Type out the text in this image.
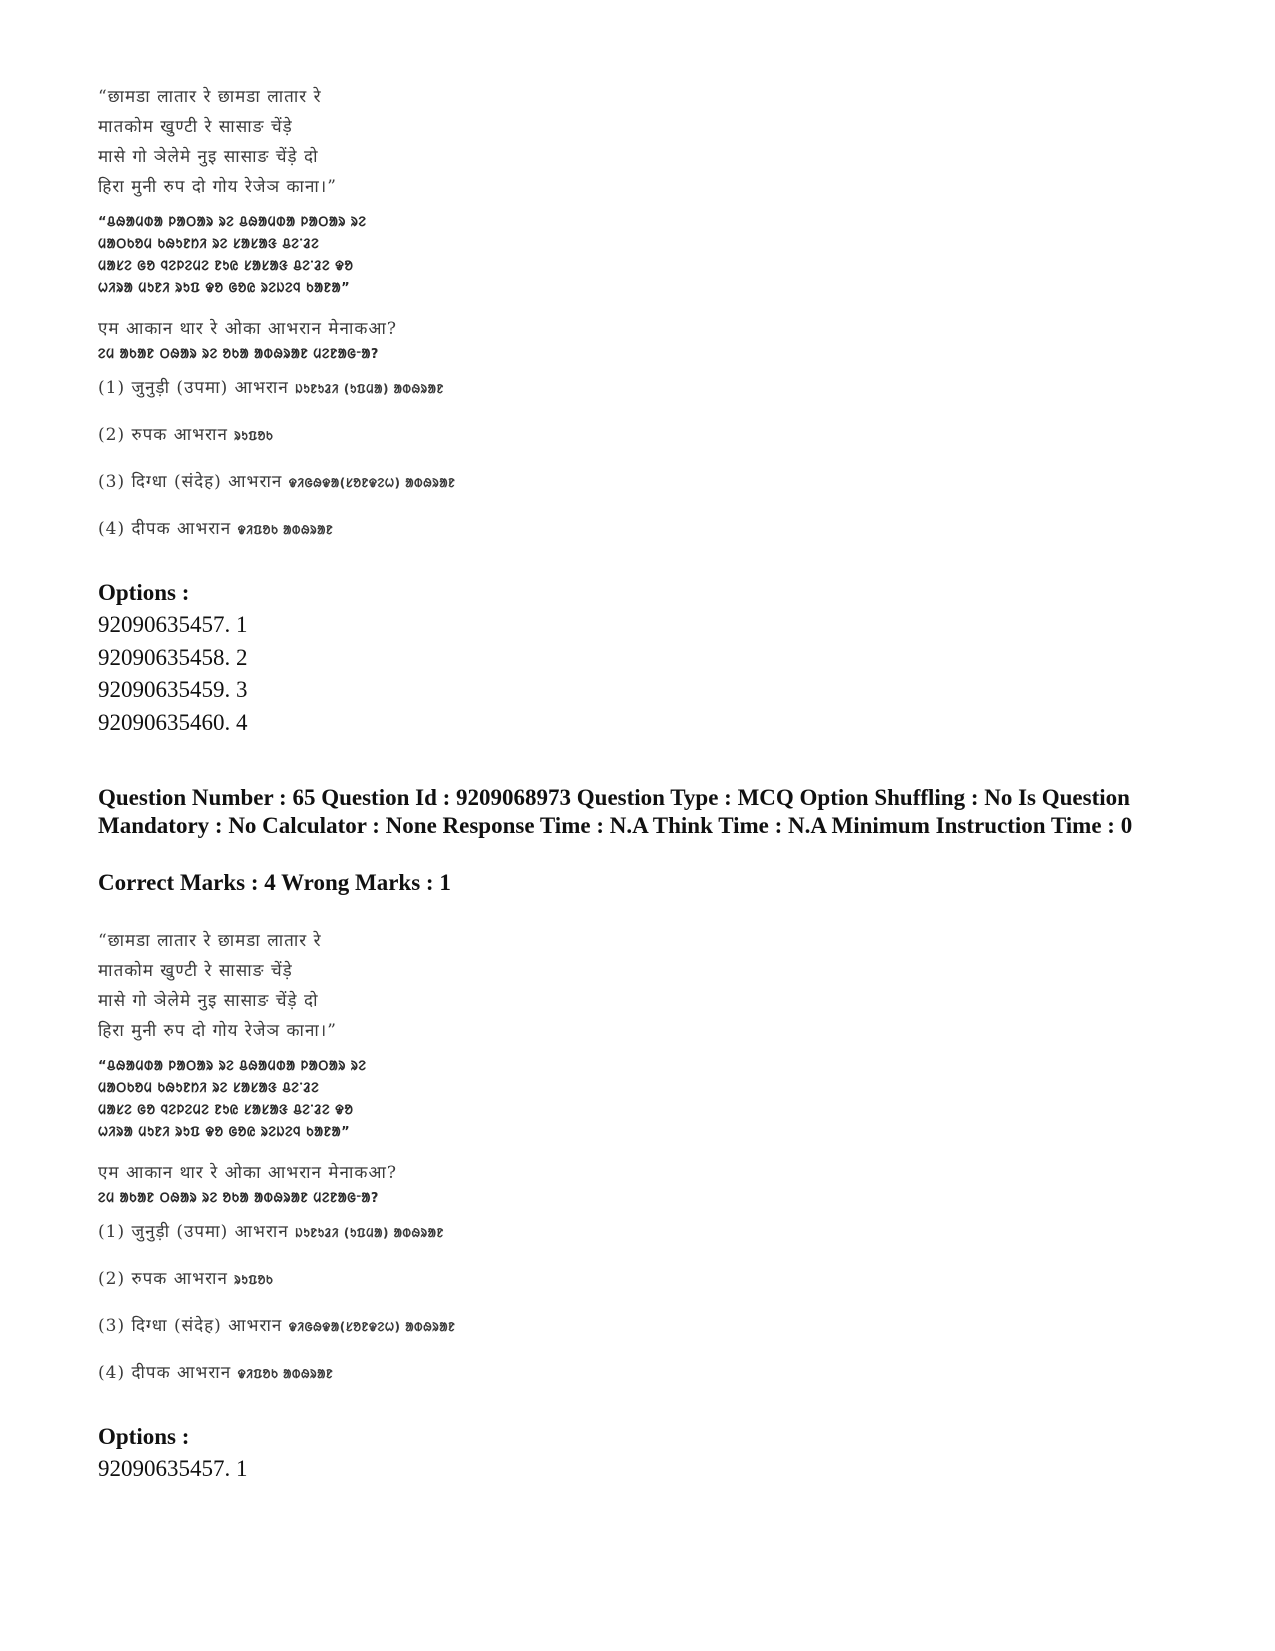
“छामडा लातार रे छामडा लातार रे
मातकोम खुण्टी रे सासाङ चेंड़े
मासे गो ञेलेमे नुइ सासाङ चेंड़े दो
हिरा मुनी रुप दो गोय रेजेञ काना।”
“ᱪᱷᱟᱢᱰᱟ ᱞᱟᱛᱟᱨ ᱨᱮ ᱪᱷᱟᱢᱰᱟ ᱞᱟᱛᱟᱨ ᱨᱮ
ᱢᱟᱛᱠᱚᱢ ᱠᱷᱩᱱᱴᱤ ᱨᱮ ᱥᱟᱥᱟᱝ ᱪᱮᱸᱲᱮ
ᱢᱟᱥᱮ ᱜᱚ ᱧᱮᱞᱮᱢᱮ ᱱᱩᱭ ᱥᱟᱥᱟᱝ ᱪᱮᱸᱲᱮ ᱫᱚ
ᱦᱤᱨᱟ ᱢᱩᱱᱤ ᱨᱩᱯ ᱫᱚ ᱜᱚᱭ ᱨᱮᱡᱮᱧ ᱠᱟᱱᱟ”
एम आकान थार रे ओका आभरान मेनाकआ?
ᱮᱢ ᱟᱠᱟᱱ ᱛᱷᱟᱨ ᱨᱮ ᱚᱠᱟ ᱟᱵᱷᱨᱟᱱ ᱢᱮᱱᱟᱜᱼᱟ?
(1) जुनुड़ी (उपमा) आभरान ᱡᱩᱱᱩᱲᱤ (ᱩᱯᱢᱟ) ᱟᱵᱷᱨᱟᱱ
(2) रुपक आभरान ᱨᱩᱯᱚᱠ
(3) दिग्धा (संदेह) आभरान ᱫᱤᱜᱷᱫᱟ(ᱥᱚᱱᱫᱮᱦ) ᱟᱵᱷᱨᱟᱱ
(4) दीपक आभरान ᱫᱤᱯᱚᱠ ᱟᱵᱷᱨᱟᱱ
Options :
92090635457. 1
92090635458. 2
92090635459. 3
92090635460. 4
Question Number : 65 Question Id : 9209068973 Question Type : MCQ Option Shuffling : No Is Question Mandatory : No Calculator : None Response Time : N.A Think Time : N.A Minimum Instruction Time : 0
Correct Marks : 4 Wrong Marks : 1
“छामडा लातार रे छामडा लातार रे
मातकोम खुण्टी रे सासाङ चेंड़े
मासे गो ञेलेमे नुइ सासाङ चेंड़े दो
हिरा मुनी रुप दो गोय रेजेञ काना।”
“ᱪᱷᱟᱢᱰᱟ ᱞᱟᱛᱟᱨ ᱨᱮ ᱪᱷᱟᱢᱰᱟ ᱞᱟᱛᱟᱨ ᱨᱮ
ᱢᱟᱛᱠᱚᱢ ᱠᱷᱩᱱᱴᱤ ᱨᱮ ᱥᱟᱥᱟᱝ ᱪᱮᱸᱲᱮ
ᱢᱟᱥᱮ ᱜᱚ ᱧᱮᱞᱮᱢᱮ ᱱᱩᱭ ᱥᱟᱥᱟᱝ ᱪᱮᱸᱲᱮ ᱫᱚ
ᱦᱤᱨᱟ ᱢᱩᱱᱤ ᱨᱩᱯ ᱫᱚ ᱜᱚᱭ ᱨᱮᱡᱮᱧ ᱠᱟᱱᱟ”
एम आकान थार रे ओका आभरान मेनाकआ?
ᱮᱢ ᱟᱠᱟᱱ ᱛᱷᱟᱨ ᱨᱮ ᱚᱠᱟ ᱟᱵᱷᱨᱟᱱ ᱢᱮᱱᱟᱜᱼᱟ?
(1) जुनुड़ी (उपमा) आभरान ᱡᱩᱱᱩᱲᱤ (ᱩᱯᱢᱟ) ᱟᱵᱷᱨᱟᱱ
(2) रुपक आभरान ᱨᱩᱯᱚᱠ
(3) दिग्धा (संदेह) आभरान ᱫᱤᱜᱷᱫᱟ(ᱥᱚᱱᱫᱮᱦ) ᱟᱵᱷᱨᱟᱱ
(4) दीपक आभरान ᱫᱤᱯᱚᱠ ᱟᱵᱷᱨᱟᱱ
Options :
92090635457. 1
